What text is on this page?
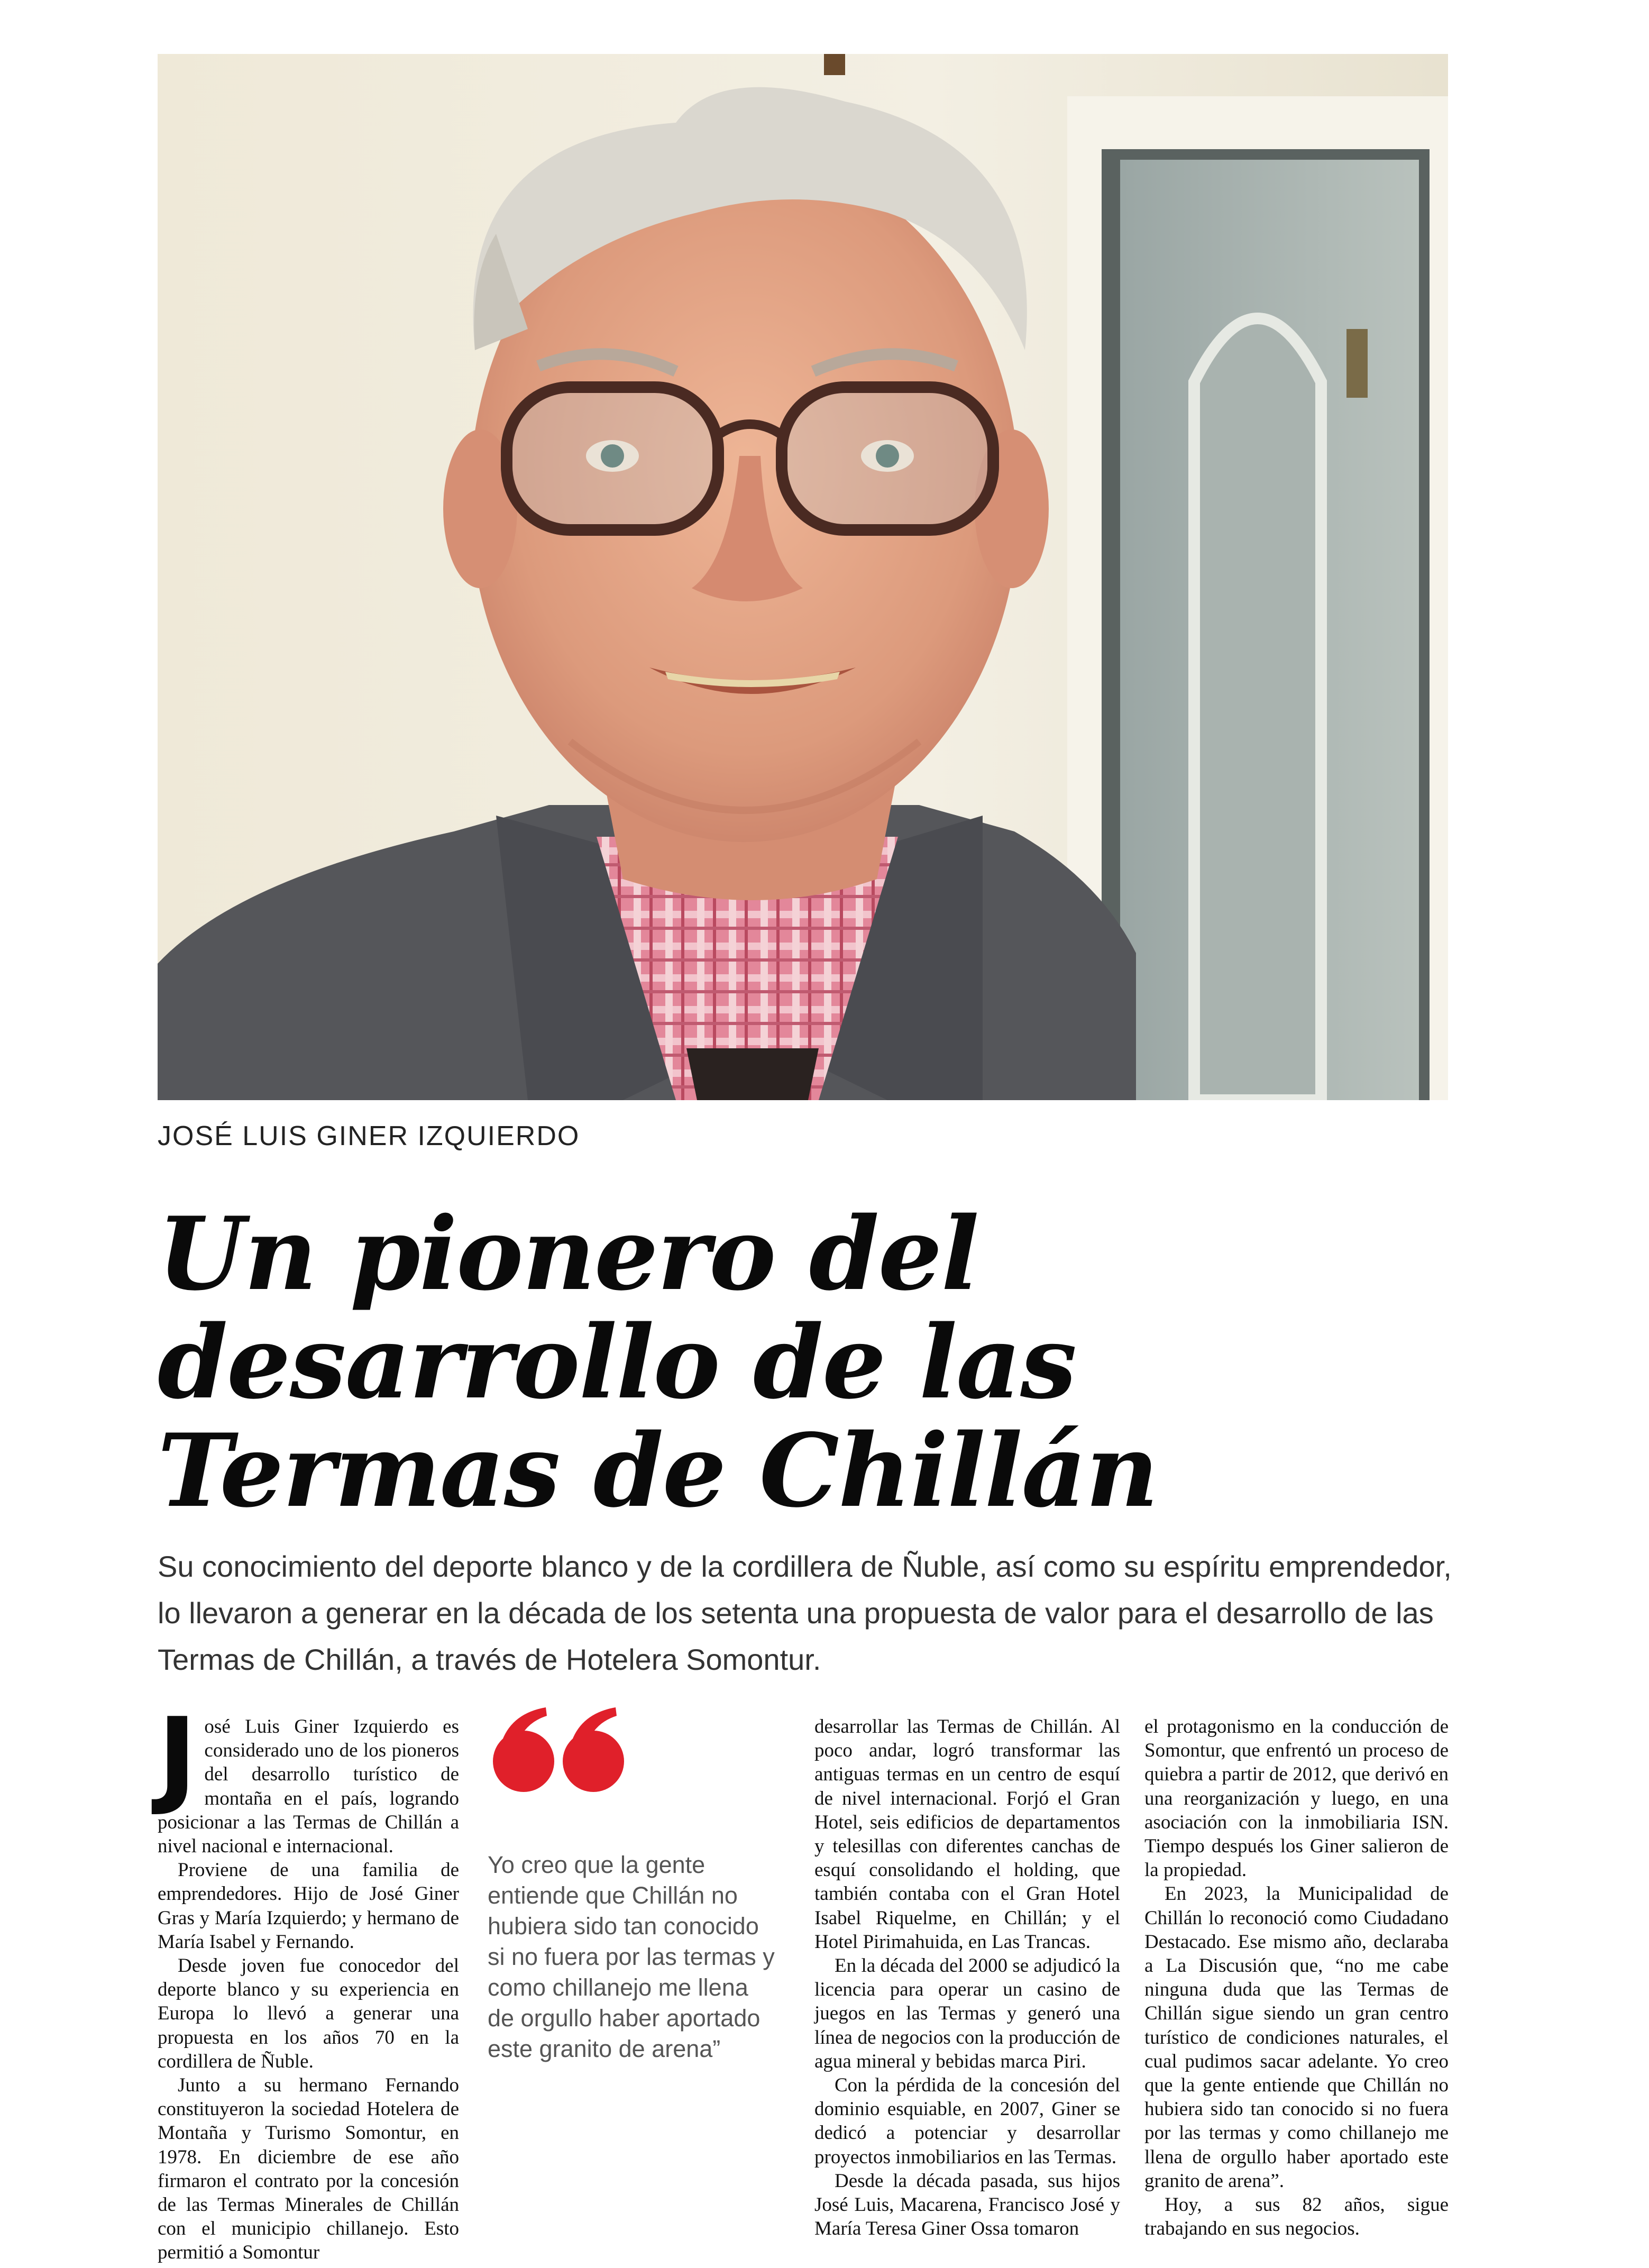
JOSÉ LUIS GINER IZQUIERDO
Un pionero del
desarrollo de las
Termas de Chillán
Su conocimiento del deporte blanco y de la cordillera de Ñuble, así como su espíritu emprendedor,
lo llevaron a generar en la década de los setenta una propuesta de valor para el desarrollo de las
Termas de Chillán, a través de Hotelera Somontur.
J osé Luis Giner Izquierdo es considerado uno de los pioneros del desarrollo turístico de montaña en el país, logrando posicionar a las Termas de Chillán a nivel nacional e internacional.

Proviene de una familia de emprendedores. Hijo de José Giner Gras y María Izquierdo; y hermano de María Isabel y Fernando.

Desde joven fue conocedor del deporte blanco y su experiencia en Europa lo llevó a generar una propuesta en los años 70 en la cordillera de Ñuble.

Junto a su hermano Fernando constituyeron la sociedad Hotelera de Montaña y Turismo Somontur, en 1978. En diciembre de ese año firmaron el contrato por la concesión de las Termas Minerales de Chillán con el municipio chillanejo. Esto permitió a Somontur

Yo creo que la gente entiende que Chillán no hubiera sido tan conocido si no fuera por las termas y como chillanejo me llena de orgullo haber aportado este granito de arena”

desarrollar las Termas de Chillán. Al poco andar, logró transformar las antiguas termas en un centro de esquí de nivel internacional. Forjó el Gran Hotel, seis edificios de departamentos y telesillas con diferentes canchas de esquí consolidando el holding, que también contaba con el Gran Hotel Isabel Riquelme, en Chillán; y el Hotel Pirimahuida, en Las Trancas.

En la década del 2000 se adjudicó la licencia para operar un casino de juegos en las Termas y generó una línea de negocios con la producción de agua mineral y bebidas marca Piri.

Con la pérdida de la concesión del dominio esquiable, en 2007, Giner se dedicó a potenciar y desarrollar proyectos inmobiliarios en las Termas.

Desde la década pasada, sus hijos José Luis, Macarena, Francisco José y María Teresa Giner Ossa tomaron

el protagonismo en la conducción de Somontur, que enfrentó un proceso de quiebra a partir de 2012, que derivó en una reorganización y luego, en una asociación con la inmobiliaria ISN. Tiempo después los Giner salieron de la propiedad.

En 2023, la Municipalidad de Chillán lo reconoció como Ciudadano Destacado. Ese mismo año, declaraba a La Discusión que, “no me cabe ninguna duda que las Termas de Chillán sigue siendo un gran centro turístico de condiciones naturales, el cual pudimos sacar adelante. Yo creo que la gente entiende que Chillán no hubiera sido tan conocido si no fuera por las termas y como chillanejo me llena de orgullo haber aportado este granito de arena”.

Hoy, a sus 82 años, sigue trabajando en sus negocios.
